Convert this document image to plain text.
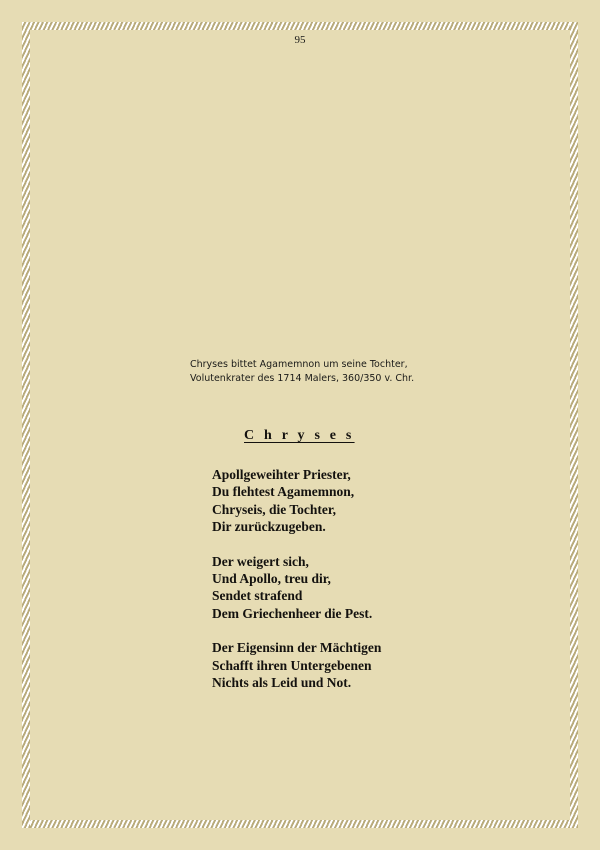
95
Chryses bittet Agamemnon um seine Tochter,
Volutenkrater des 1714 Malers, 360/350 v. Chr.
C h r y s e s
Apollgeweihter Priester,
Du flehtest Agamemnon,
Chryseis, die Tochter,
Dir zurückzugeben.
Der weigert sich,
Und Apollo, treu dir,
Sendet strafend
Dem Griechenheer die Pest.
Der Eigensinn der Mächtigen
Schafft ihren Untergebenen
Nichts als Leid und Not.
